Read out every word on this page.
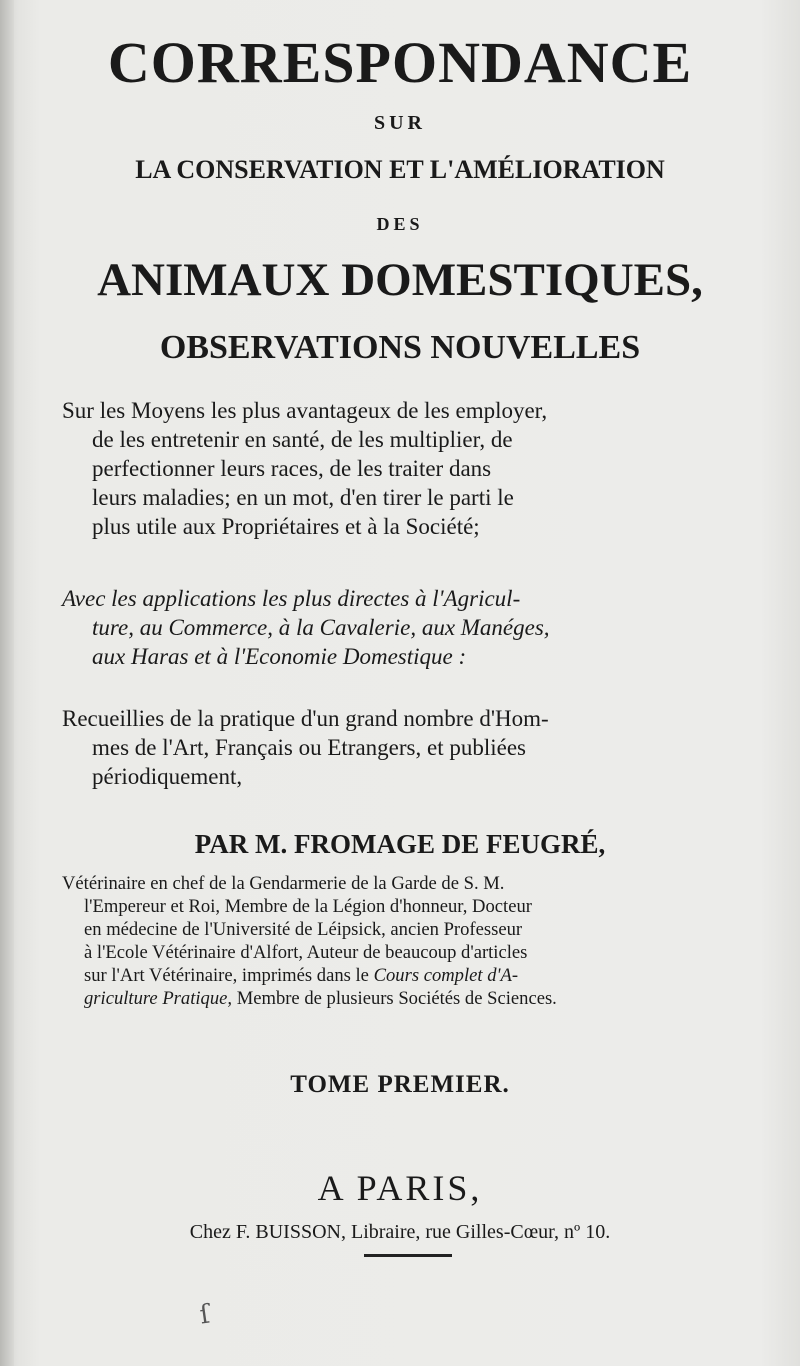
CORRESPONDANCE
SUR
LA CONSERVATION ET L'AMÉLIORATION
DES
ANIMAUX DOMESTIQUES,
OBSERVATIONS NOUVELLES
Sur les Moyens les plus avantageux de les employer,
de les entretenir en santé, de les multiplier, de
perfectionner leurs races, de les traiter dans
leurs maladies; en un mot, d'en tirer le parti le
plus utile aux Propriétaires et à la Société;
Avec les applications les plus directes à l'Agricul-
ture, au Commerce, à la Cavalerie, aux Manéges,
aux Haras et à l'Economie Domestique :
Recueillies de la pratique d'un grand nombre d'Hom-
mes de l'Art, Français ou Etrangers, et publiées
périodiquement,
PAR M. FROMAGE DE FEUGRÉ,
Vétérinaire en chef de la Gendarmerie de la Garde de S. M.
l'Empereur et Roi, Membre de la Légion d'honneur, Docteur
en médecine de l'Université de Léipsick, ancien Professeur
à l'Ecole Vétérinaire d'Alfort, Auteur de beaucoup d'articles
sur l'Art Vétérinaire, imprimés dans le Cours complet d'A-
griculture Pratique, Membre de plusieurs Sociétés de Sciences.
TOME PREMIER.
A PARIS,
Chez F. BUISSON, Libraire, rue Gilles-Cœur, nº 10.
ſ
